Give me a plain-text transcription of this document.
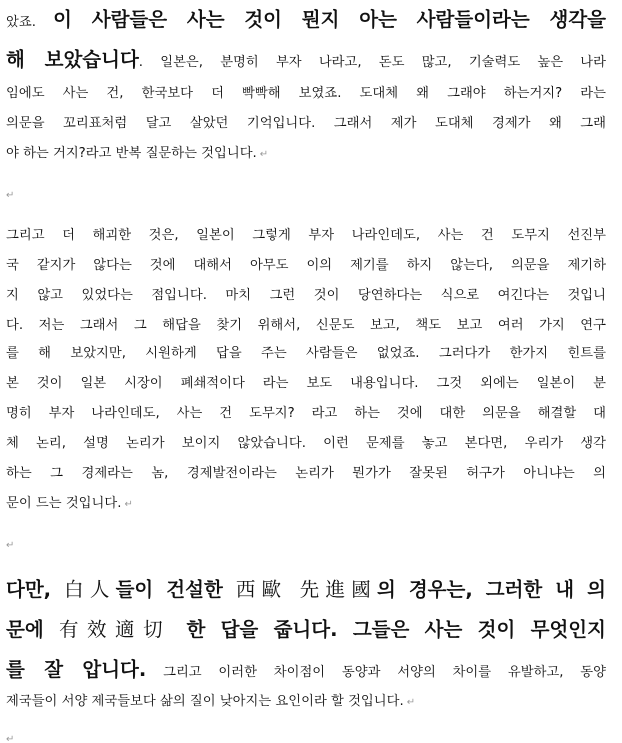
았죠. 이 사람들은 사는 것이 뭔지 아는 사람들이라는 생각을
해 보았습니다. 일본은, 분명히 부자 나라고, 돈도 많고, 기술력도 높은 나라
임에도 사는 건, 한국보다 더 빡빡해 보였죠. 도대체 왜 그래야 하는거지? 라는
의문을 꼬리표처럼 달고 살았던 기억입니다. 그래서 제가 도대체 경제가 왜 그래
야 하는 거지?라고 반복 질문하는 것입니다. ↵
↵
그리고 더 해괴한 것은, 일본이 그렇게 부자 나라인데도, 사는 건 도무지 선진부
국 같지가 않다는 것에 대해서 아무도 이의 제기를 하지 않는다, 의문을 제기하
지 않고 있었다는 점입니다. 마치 그런 것이 당연하다는 식으로 여긴다는 것입니
다. 저는 그래서 그 해답을 찾기 위해서, 신문도 보고, 책도 보고 여러 가지 연구
를 해 보았지만, 시원하게 답을 주는 사람들은 없었죠. 그러다가 한가지 힌트를
본 것이 일본 시장이 폐쇄적이다 라는 보도 내용입니다. 그것 외에는 일본이 분
명히 부자 나라인데도, 사는 건 도무지? 라고 하는 것에 대한 의문을 해결할 대
체 논리, 설명 논리가 보이지 않았습니다. 이런 문제를 놓고 본다면, 우리가 생각
하는 그 경제라는 놈, 경제발전이라는 논리가 뭔가가 잘못된 허구가 아니냐는 의
문이 드는 것입니다. ↵
↵
다만, 白人들이 건설한 西歐 先進國의 경우는, 그러한 내 의
문에 有效適切 한 답을 줍니다. 그들은 사는 것이 무엇인지
를 잘 압니다. 그리고 이러한 차이점이 동양과 서양의 차이를 유발하고, 동양
제국들이 서양 제국들보다 삶의 질이 낮아지는 요인이라 할 것입니다. ↵
↵
